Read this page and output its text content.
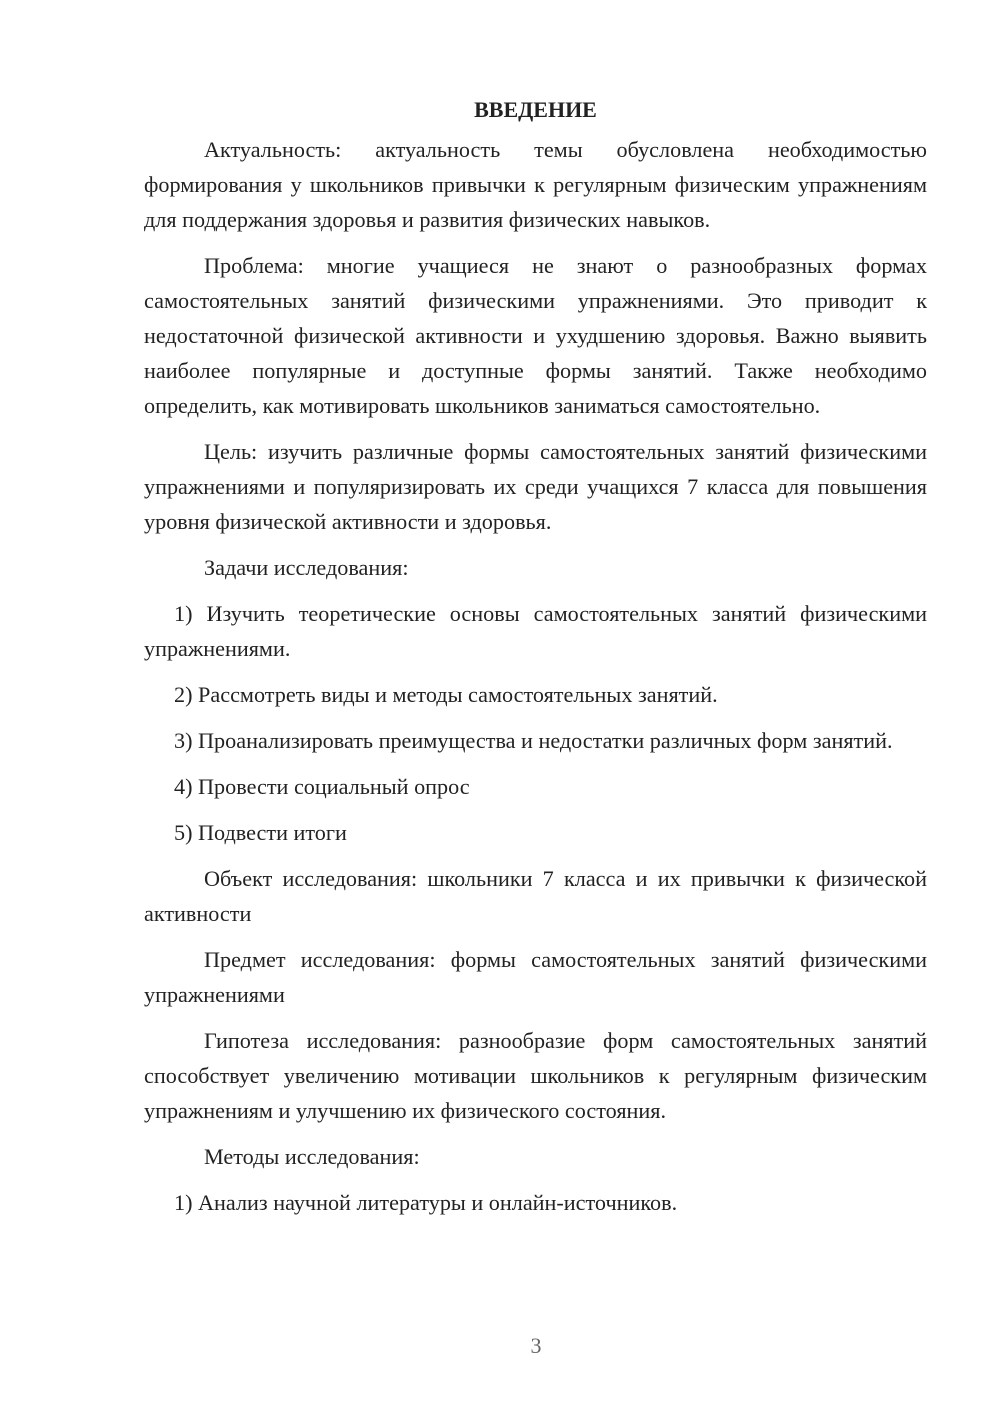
ВВЕДЕНИЕ

Актуальность: актуальность темы обусловлена необходимостью формирования у школьников привычки к регулярным физическим упражнениям для поддержания здоровья и развития физических навыков.

Проблема: многие учащиеся не знают о разнообразных формах самостоятельных занятий физическими упражнениями. Это приводит к недостаточной физической активности и ухудшению здоровья. Важно выявить наиболее популярные и доступные формы занятий. Также необходимо определить, как мотивировать школьников заниматься самостоятельно.

Цель: изучить различные формы самостоятельных занятий физическими упражнениями и популяризировать их среди учащихся 7 класса для повышения уровня физической активности и здоровья.

Задачи исследования:

1) Изучить теоретические основы самостоятельных занятий физическими упражнениями.

2) Рассмотреть виды и методы самостоятельных занятий.

3) Проанализировать преимущества и недостатки различных форм занятий.

4) Провести социальный опрос

5) Подвести итоги

Объект исследования: школьники 7 класса и их привычки к физической активности

Предмет исследования: формы самостоятельных занятий физическими упражнениями

Гипотеза исследования: разнообразие форм самостоятельных занятий способствует увеличению мотивации школьников к регулярным физическим упражнениям и улучшению их физического состояния.

Методы исследования:

1) Анализ научной литературы и онлайн-источников.

3
